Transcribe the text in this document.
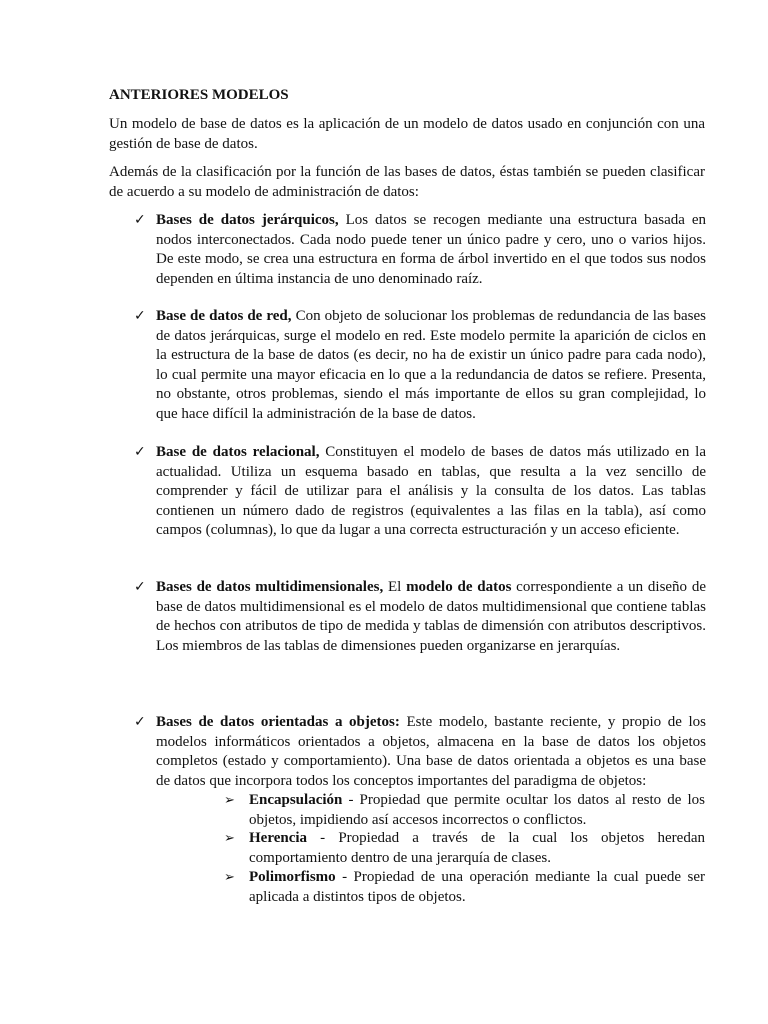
ANTERIORES MODELOS

Un modelo de base de datos es la aplicación de un modelo de datos usado en conjunción con una gestión de base de datos.

Además de la clasificación por la función de las bases de datos, éstas también se pueden clasificar de acuerdo a su modelo de administración de datos:

✓ Bases de datos jerárquicos, Los datos se recogen mediante una estructura basada en nodos interconectados. Cada nodo puede tener un único padre y cero, uno o varios hijos. De este modo, se crea una estructura en forma de árbol invertido en el que todos sus nodos dependen en última instancia de uno denominado raíz.
✓ Base de datos de red, Con objeto de solucionar los problemas de redundancia de las bases de datos jerárquicas, surge el modelo en red. Este modelo permite la aparición de ciclos en la estructura de la base de datos (es decir, no ha de existir un único padre para cada nodo), lo cual permite una mayor eficacia en lo que a la redundancia de datos se refiere. Presenta, no obstante, otros problemas, siendo el más importante de ellos su gran complejidad, lo que hace difícil la administración de la base de datos.
✓ Base de datos relacional, Constituyen el modelo de bases de datos más utilizado en la actualidad. Utiliza un esquema basado en tablas, que resulta a la vez sencillo de comprender y fácil de utilizar para el análisis y la consulta de los datos. Las tablas contienen un número dado de registros (equivalentes a las filas en la tabla), así como campos (columnas), lo que da lugar a una correcta estructuración y un acceso eficiente.
✓ Bases de datos multidimensionales, El modelo de datos correspondiente a un diseño de base de datos multidimensional es el modelo de datos multidimensional que contiene tablas de hechos con atributos de tipo de medida y tablas de dimensión con atributos descriptivos. Los miembros de las tablas de dimensiones pueden organizarse en jerarquías.
✓ Bases de datos orientadas a objetos: Este modelo, bastante reciente, y propio de los modelos informáticos orientados a objetos, almacena en la base de datos los objetos completos (estado y comportamiento). Una base de datos orientada a objetos es una base de datos que incorpora todos los conceptos importantes del paradigma de objetos:
➢ Encapsulación - Propiedad que permite ocultar los datos al resto de los objetos, impidiendo así accesos incorrectos o conflictos.
➢ Herencia - Propiedad a través de la cual los objetos heredan comportamiento dentro de una jerarquía de clases.
➢ Polimorfismo - Propiedad de una operación mediante la cual puede ser aplicada a distintos tipos de objetos.
